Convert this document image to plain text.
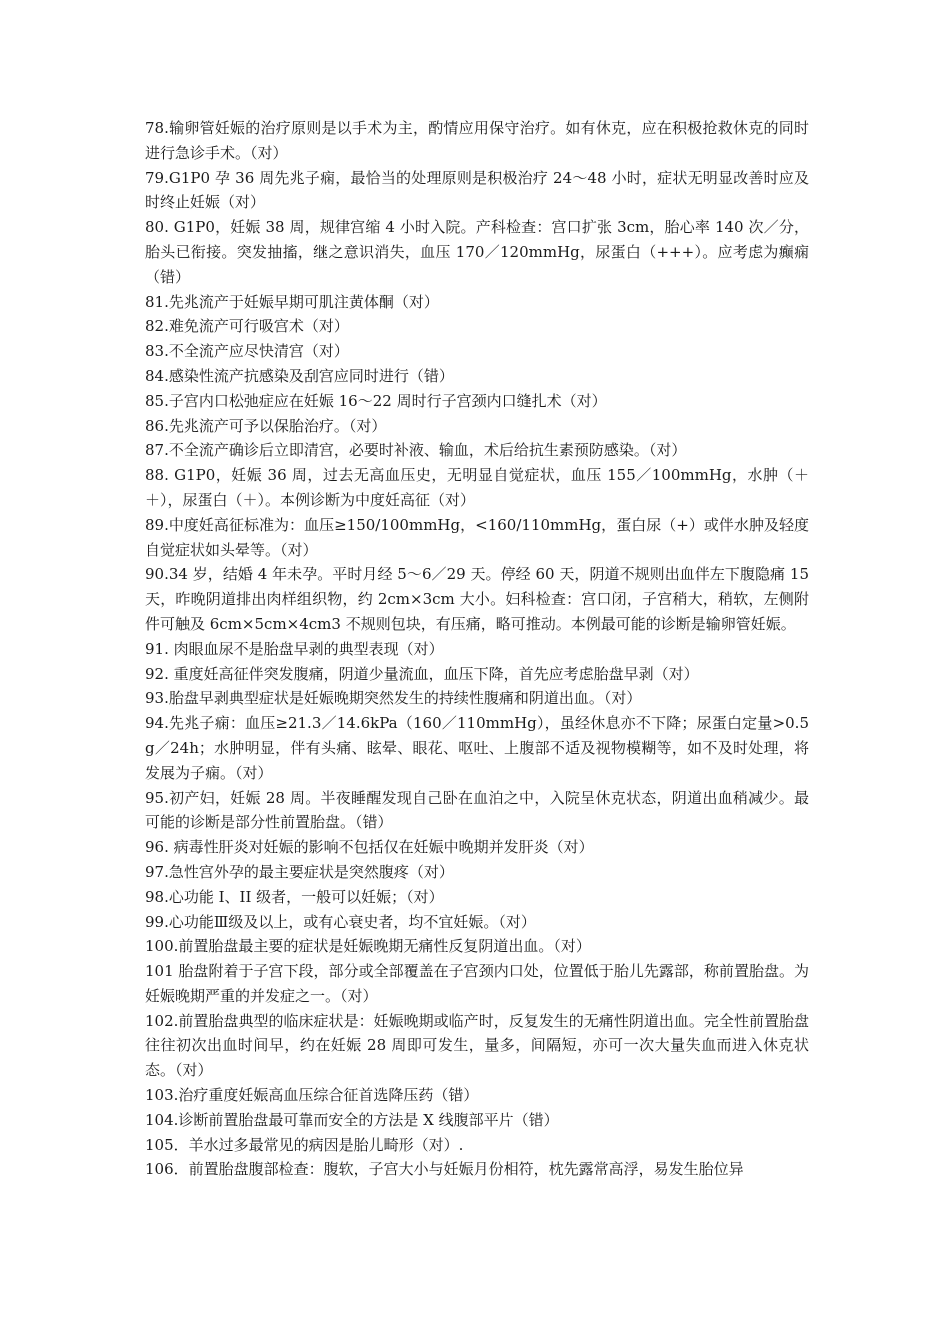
78.输卵管妊娠的治疗原则是以手术为主，酌情应用保守治疗。如有休克，应在积极抢救休克的同时进行急诊手术。（对）

79.G1P0 孕 36 周先兆子痫，最恰当的处理原则是积极治疗 24～48 小时，症状无明显改善时应及时终止妊娠（对）

80. G1P0，妊娠 38 周，规律宫缩 4 小时入院。产科检查：宫口扩张 3cm，胎心率 140 次／分，胎头已衔接。突发抽搐，继之意识消失，血压 170／120mmHg，尿蛋白（+++）。应考虑为癫痫（错）

81.先兆流产于妊娠早期可肌注黄体酮（对）

82.难免流产可行吸宫术（对）

83.不全流产应尽快清宫（对）

84.感染性流产抗感染及刮宫应同时进行（错）

85.子宫内口松弛症应在妊娠 16～22 周时行子宫颈内口缝扎术（对）

86.先兆流产可予以保胎治疗。（对）

87.不全流产确诊后立即清宫，必要时补液、输血，术后给抗生素预防感染。（对）

88. G1P0，妊娠 36 周，过去无高血压史，无明显自觉症状，血压 155／100mmHg，水肿（＋＋），尿蛋白（＋）。本例诊断为中度妊高征（对）

89.中度妊高征标准为：血压≥150/100mmHg，<160/110mmHg，蛋白尿（+）或伴水肿及轻度自觉症状如头晕等。（对）

90.34 岁，结婚 4 年未孕。平时月经 5～6／29 天。停经 60 天，阴道不规则出血伴左下腹隐痛 15 天，昨晚阴道排出肉样组织物，约 2cm×3cm 大小。妇科检查：宫口闭，子宫稍大，稍软，左侧附件可触及 6cm×5cm×4cm3 不规则包块，有压痛，略可推动。本例最可能的诊断是输卵管妊娠。

91. 肉眼血尿不是胎盘早剥的典型表现（对）

92. 重度妊高征伴突发腹痛，阴道少量流血，血压下降，首先应考虑胎盘早剥（对）

93.胎盘早剥典型症状是妊娠晚期突然发生的持续性腹痛和阴道出血。（对）

94.先兆子痫：血压≥21.3／14.6kPa（160／110mmHg），虽经休息亦不下降；尿蛋白定量>0.5g／24h；水肿明显，伴有头痛、眩晕、眼花、呕吐、上腹部不适及视物模糊等，如不及时处理，将发展为子痫。（对）

95.初产妇，妊娠 28 周。半夜睡醒发现自己卧在血泊之中，入院呈休克状态，阴道出血稍减少。最可能的诊断是部分性前置胎盘。（错）

96. 病毒性肝炎对妊娠的影响不包括仅在妊娠中晚期并发肝炎（对）

97.急性宫外孕的最主要症状是突然腹疼（对）

98.心功能 I、II 级者，一般可以妊娠；（对）

99.心功能Ⅲ级及以上，或有心衰史者，均不宜妊娠。（对）

100.前置胎盘最主要的症状是妊娠晚期无痛性反复阴道出血。（对）

101 胎盘附着于子宫下段，部分或全部覆盖在子宫颈内口处，位置低于胎儿先露部，称前置胎盘。为妊娠晚期严重的并发症之一。（对）

102.前置胎盘典型的临床症状是：妊娠晚期或临产时，反复发生的无痛性阴道出血。完全性前置胎盘往往初次出血时间早，约在妊娠 28 周即可发生，量多，间隔短，亦可一次大量失血而进入休克状态。（对）

103.治疗重度妊娠高血压综合征首选降压药（错）

104.诊断前置胎盘最可靠而安全的方法是 X 线腹部平片（错）

105．羊水过多最常见的病因是胎儿畸形（对）.

106．前置胎盘腹部检查：腹软，子宫大小与妊娠月份相符，枕先露常高浮，易发生胎位异
